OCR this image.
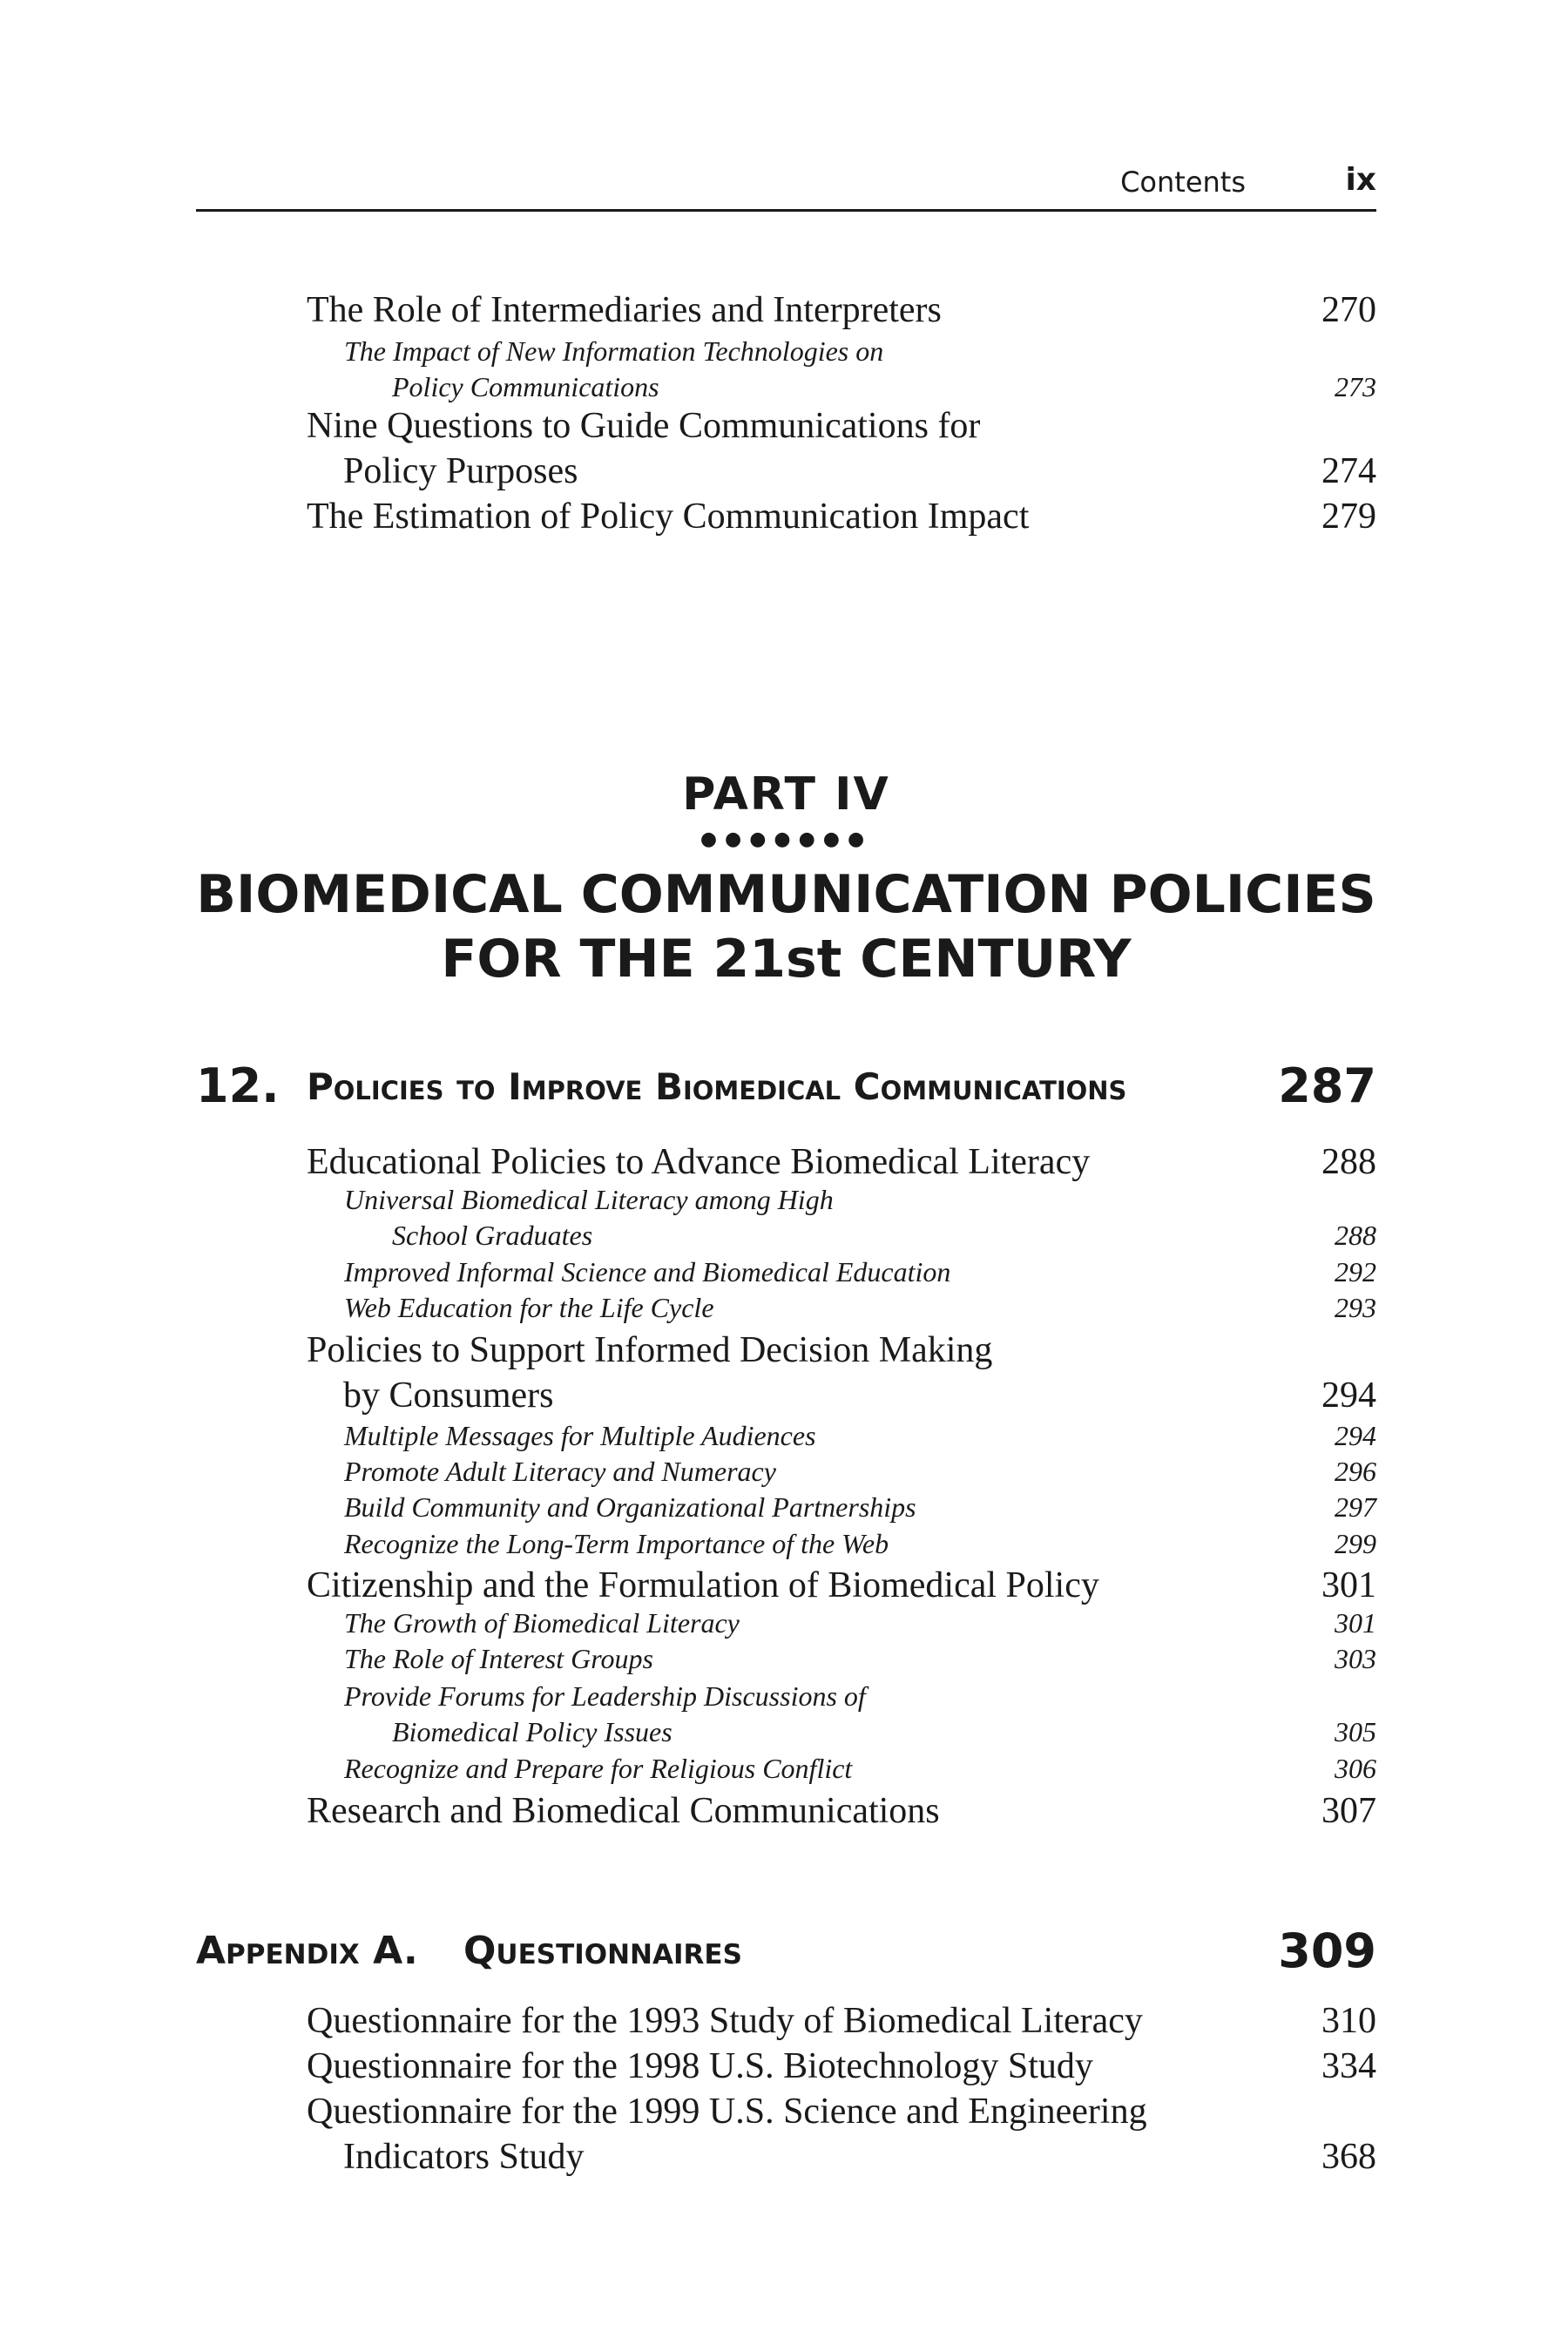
Contents	ix
The Role of Intermediaries and Interpreters	270
The Impact of New Information Technologies on
Policy Communications	273
Nine Questions to Guide Communications for
Policy Purposes	274
The Estimation of Policy Communication Impact	279
PART IV
●●●●●●●
BIOMEDICAL COMMUNICATION POLICIES
FOR THE 21st CENTURY
12. Policies to Improve Biomedical Communications	287
Educational Policies to Advance Biomedical Literacy	288
Universal Biomedical Literacy among High
School Graduates	288
Improved Informal Science and Biomedical Education	292
Web Education for the Life Cycle	293
Policies to Support Informed Decision Making
by Consumers	294
Multiple Messages for Multiple Audiences	294
Promote Adult Literacy and Numeracy	296
Build Community and Organizational Partnerships	297
Recognize the Long-Term Importance of the Web	299
Citizenship and the Formulation of Biomedical Policy	301
The Growth of Biomedical Literacy	301
The Role of Interest Groups	303
Provide Forums for Leadership Discussions of
Biomedical Policy Issues	305
Recognize and Prepare for Religious Conflict	306
Research and Biomedical Communications	307
Appendix A. Questionnaires	309
Questionnaire for the 1993 Study of Biomedical Literacy	310
Questionnaire for the 1998 U.S. Biotechnology Study	334
Questionnaire for the 1999 U.S. Science and Engineering
Indicators Study	368
